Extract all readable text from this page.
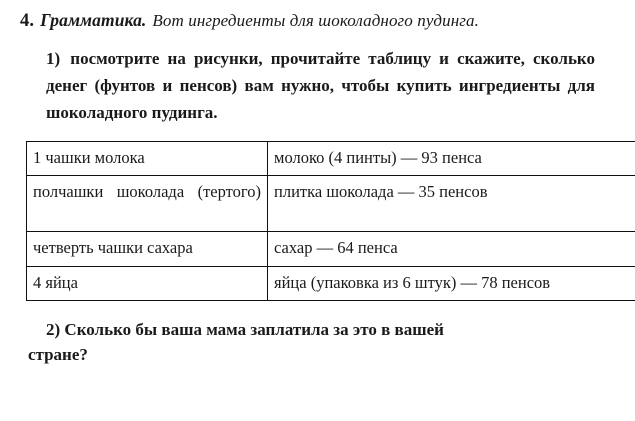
4. Грамматика. Вот ингредиенты для шоколадного пудинга.

1) посмотрите на рисунки, прочитайте таблицу и скажите, сколько денег (фунтов и пенсов) вам нужно, чтобы купить ингредиенты для шоколадного пудинга.

1 чашки молока	молоко (4 пинты) — 93 пенса

полчашки шоколада (тертого)	плитка шоколада — 35 пенсов
четверть чашки сахара	сахар — 64 пенса
4 яйца	яйца (упаковка из 6 штук) — 78 пенсов

2) Сколько бы ваша мама заплатила за это в вашей
стране?
